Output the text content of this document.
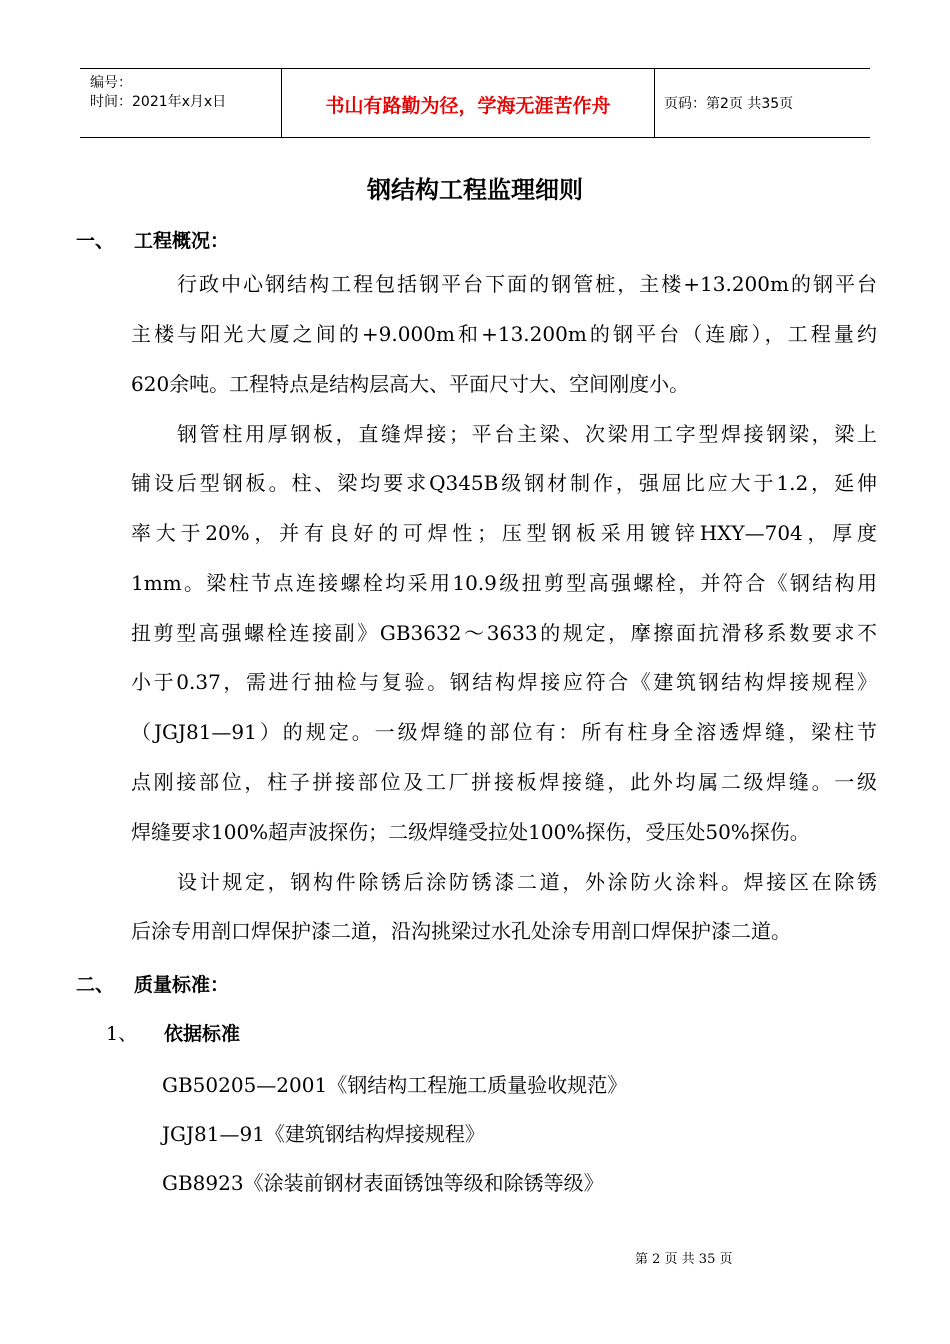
编号：
时间：2021年x月x日	书山有路勤为径，学海无涯苦作舟	页码：第2页 共35页
钢结构工程监理细则
一、 工程概况：
行政中心钢结构工程包括钢平台下面的钢管桩，主楼+13.200m的钢平台
主楼与阳光大厦之间的+9.000m和+13.200m的钢平台（连廊），工程量约
620余吨。工程特点是结构层高大、平面尺寸大、空间刚度小。
钢管柱用厚钢板，直缝焊接；平台主梁、次梁用工字型焊接钢梁，梁上
铺设后型钢板。柱、梁均要求Q345B级钢材制作，强屈比应大于1.2，延伸
率大于20%，并有良好的可焊性；压型钢板采用镀锌HXY—704，厚度
1mm。梁柱节点连接螺栓均采用10.9级扭剪型高强螺栓，并符合《钢结构用
扭剪型高强螺栓连接副》GB3632～3633的规定，摩擦面抗滑移系数要求不
小于0.37，需进行抽检与复验。钢结构焊接应符合《建筑钢结构焊接规程》
（JGJ81—91）的规定。一级焊缝的部位有：所有柱身全溶透焊缝，梁柱节
点刚接部位，柱子拼接部位及工厂拼接板焊接缝，此外均属二级焊缝。一级
焊缝要求100%超声波探伤；二级焊缝受拉处100%探伤，受压处50%探伤。
设计规定，钢构件除锈后涂防锈漆二道，外涂防火涂料。焊接区在除锈
后涂专用剖口焊保护漆二道，沿沟挑梁过水孔处涂专用剖口焊保护漆二道。
二、 质量标准：
1、 依据标准
GB50205—2001《钢结构工程施工质量验收规范》
JGJ81—91《建筑钢结构焊接规程》
GB8923《涂装前钢材表面锈蚀等级和除锈等级》
第 2 页 共 35 页
